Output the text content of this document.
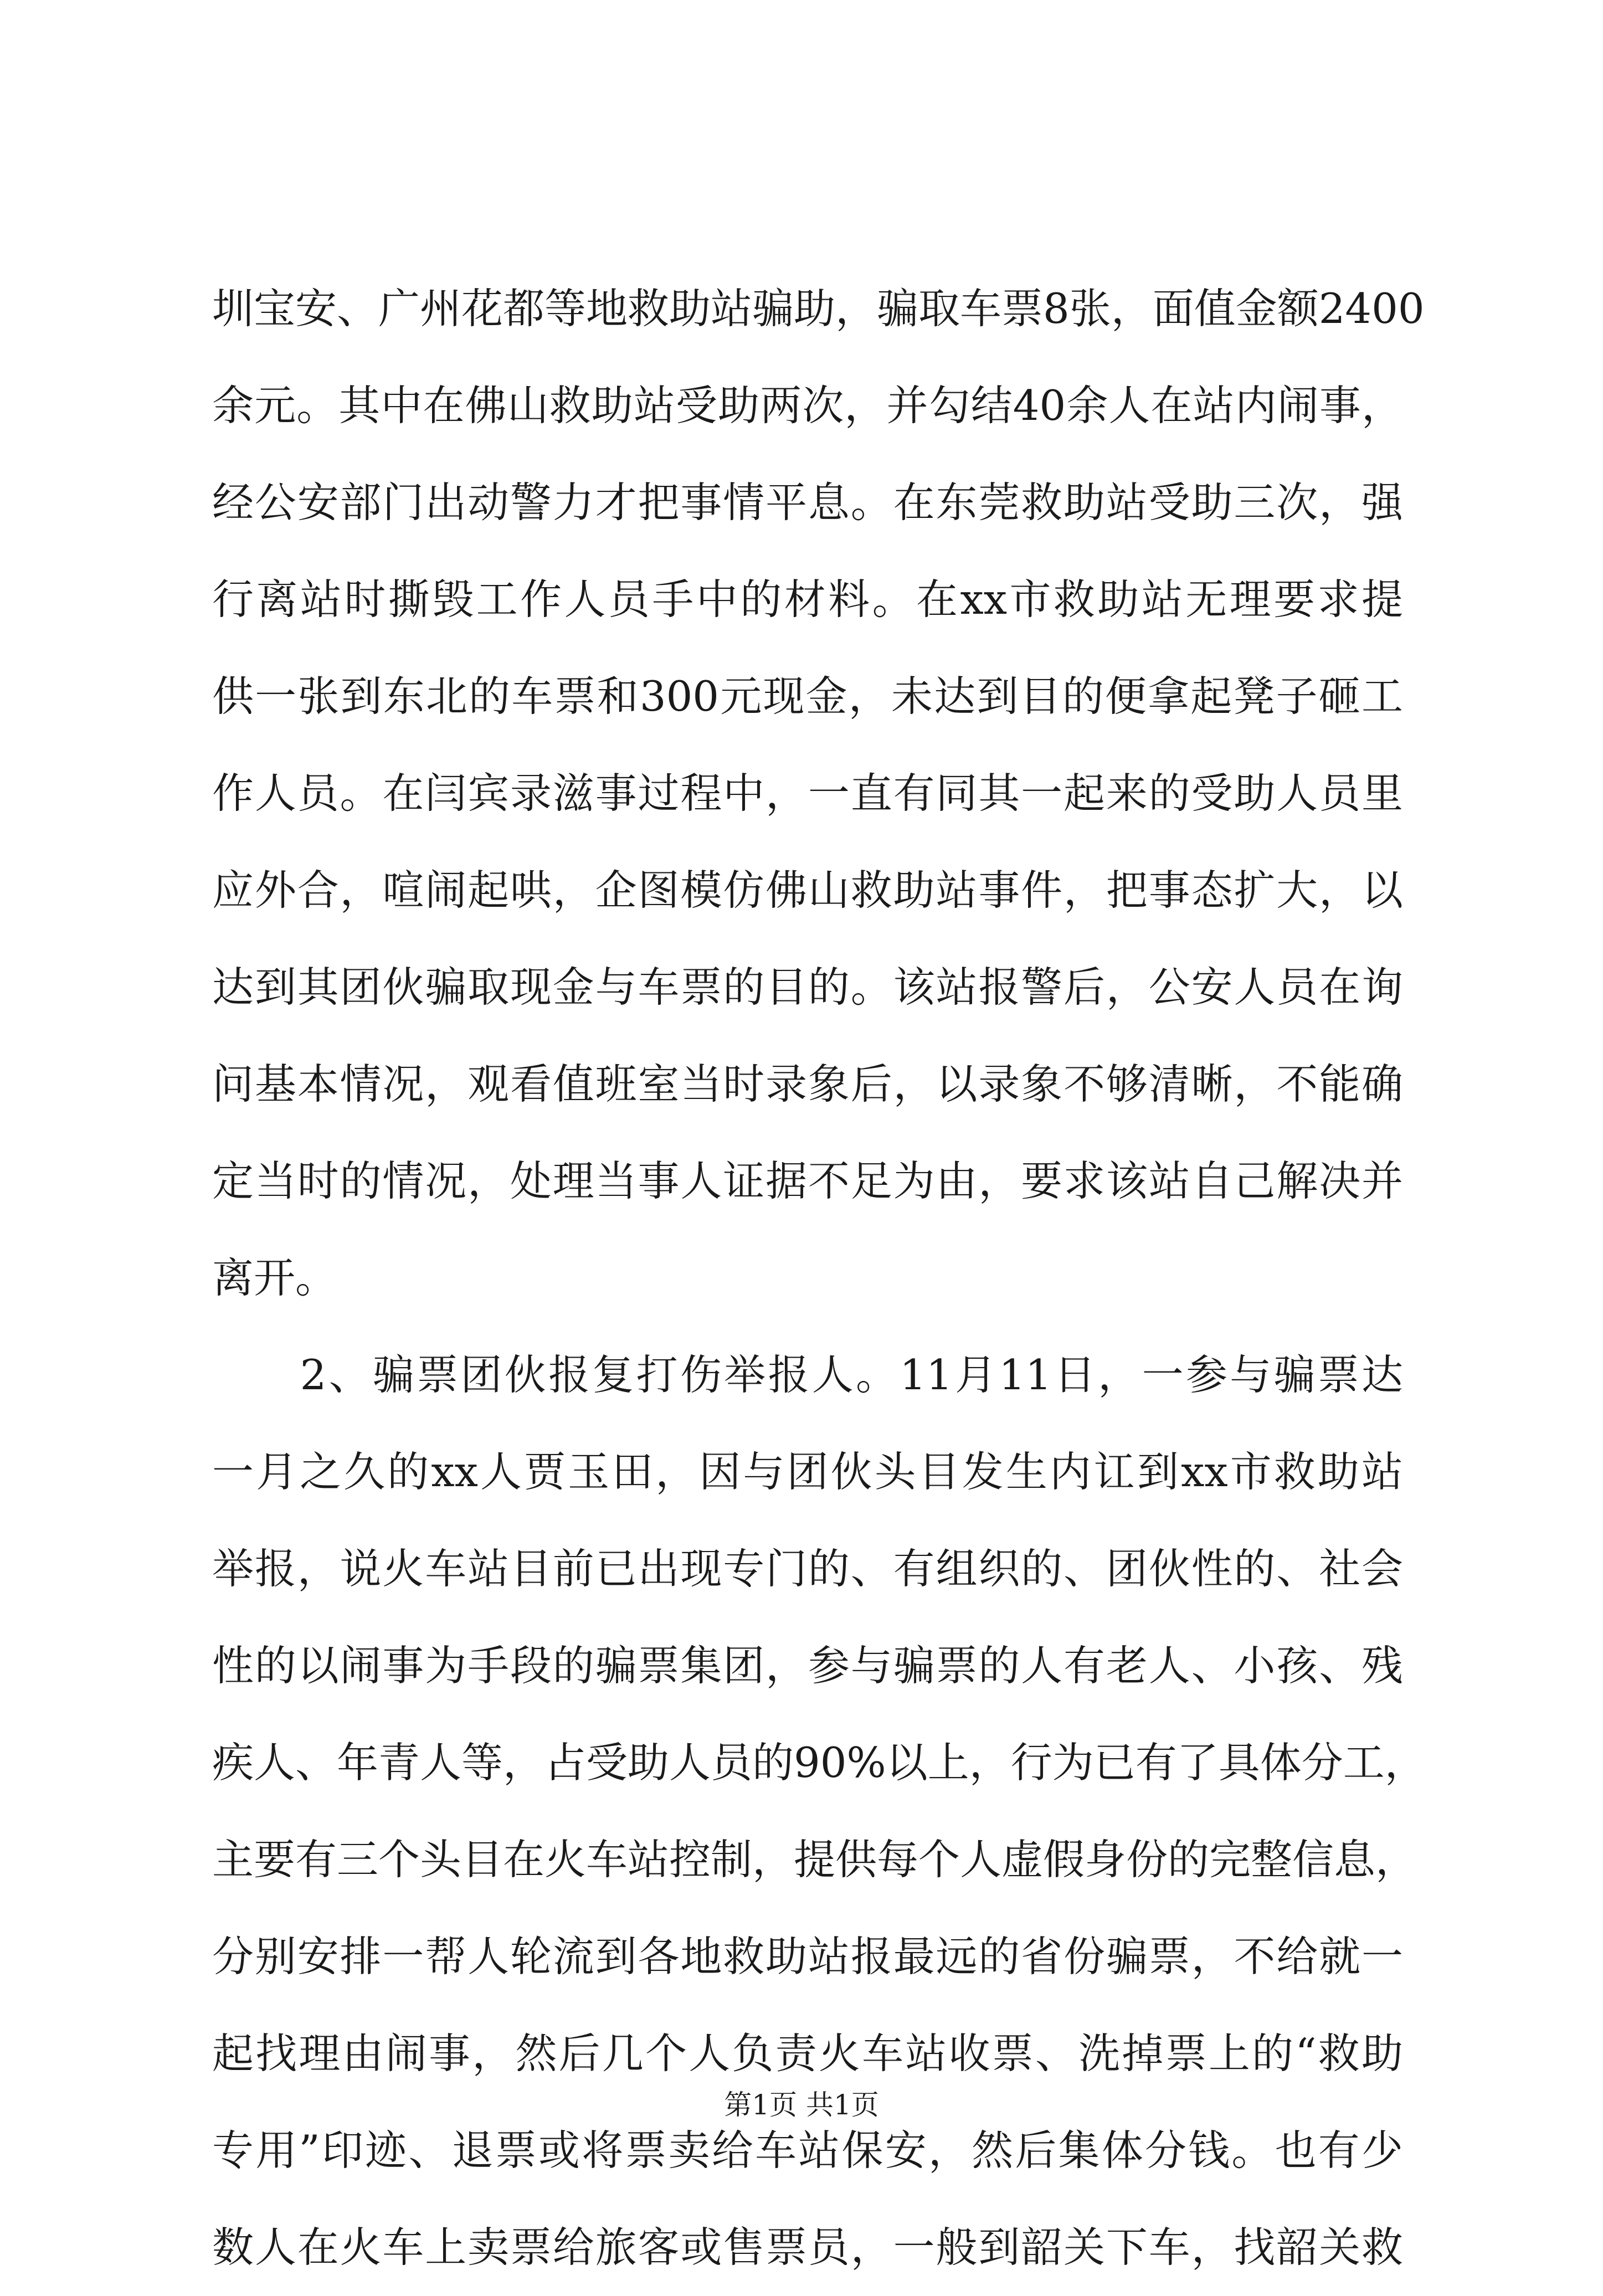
圳宝安、广州花都等地救助站骗助，骗取车票8张，面值金额2400
余元。其中在佛山救助站受助两次，并勾结40余人在站内闹事，
经公安部门出动警力才把事情平息。在东莞救助站受助三次，强
行离站时撕毁工作人员手中的材料。在xx市救助站无理要求提
供一张到东北的车票和300元现金，未达到目的便拿起凳子砸工
作人员。在闫宾录滋事过程中，一直有同其一起来的受助人员里
应外合，喧闹起哄，企图模仿佛山救助站事件，把事态扩大，以
达到其团伙骗取现金与车票的目的。该站报警后，公安人员在询
问基本情况，观看值班室当时录象后，以录象不够清晰，不能确
定当时的情况，处理当事人证据不足为由，要求该站自己解决并
离开。
　　2、骗票团伙报复打伤举报人。11月11日，一参与骗票达
一月之久的xx人贾玉田，因与团伙头目发生内讧到xx市救助站
举报，说火车站目前已出现专门的、有组织的、团伙性的、社会
性的以闹事为手段的骗票集团，参与骗票的人有老人、小孩、残
疾人、年青人等，占受助人员的90%以上，行为已有了具体分工，
主要有三个头目在火车站控制，提供每个人虚假身份的完整信息，
分别安排一帮人轮流到各地救助站报最远的省份骗票，不给就一
起找理由闹事，然后几个人负责火车站收票、洗掉票上的“救助
专用”印迹、退票或将票卖给车站保安，然后集体分钱。也有少
数人在火车上卖票给旅客或售票员，一般到韶关下车，找韶关救
第1页 共1页
